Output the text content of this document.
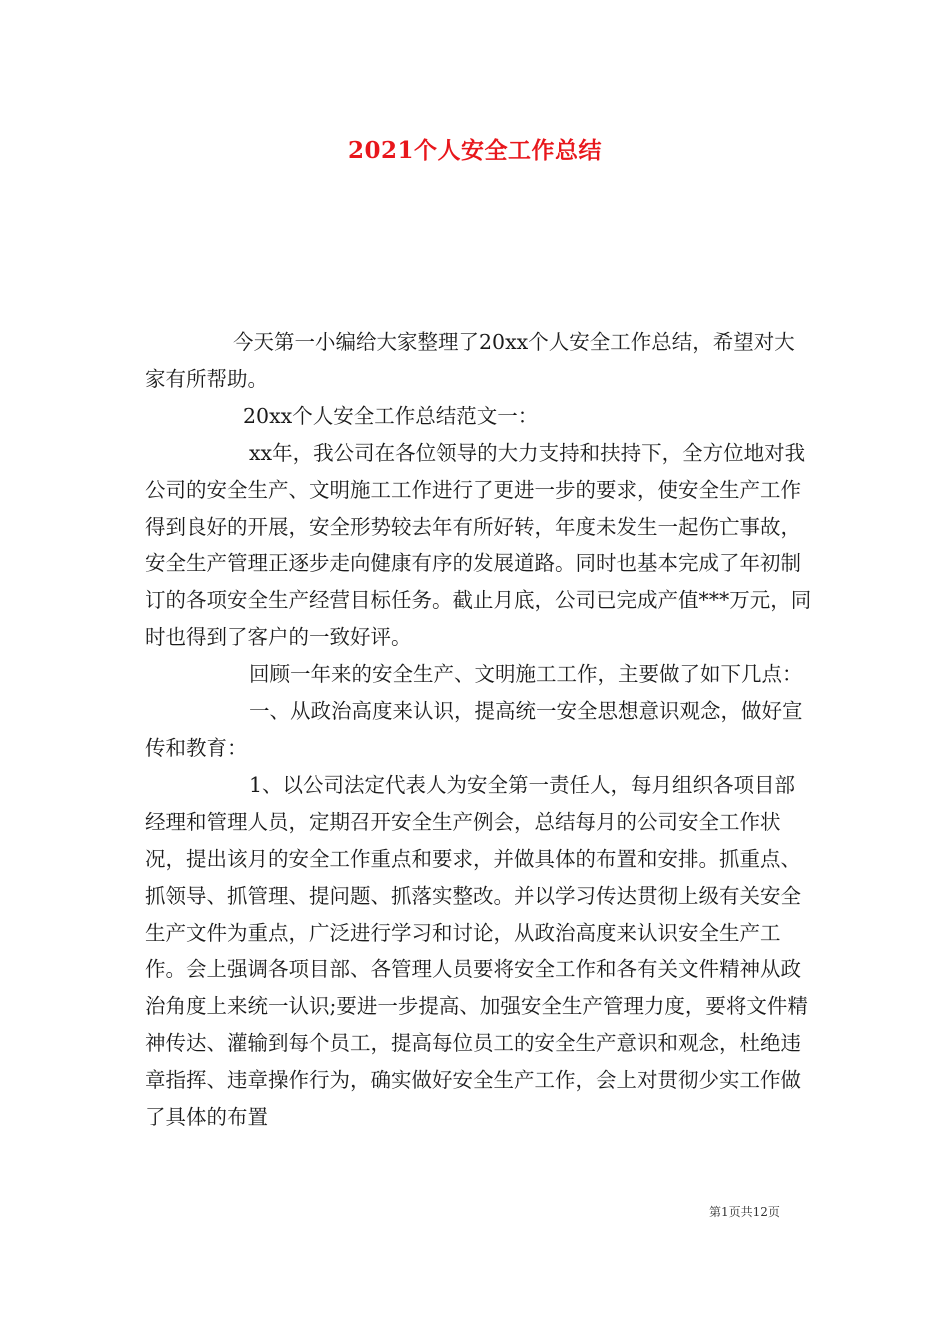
2021个人安全工作总结

今天第一小编给大家整理了20xx个人安全工作总结，希望对大家有所帮助。

20xx个人安全工作总结范文一：

xx年，我公司在各位领导的大力支持和扶持下，全方位地对我公司的安全生产、文明施工工作进行了更进一步的要求，使安全生产工作得到良好的开展，安全形势较去年有所好转，年度未发生一起伤亡事故，安全生产管理正逐步走向健康有序的发展道路。同时也基本完成了年初制订的各项安全生产经营目标任务。截止月底，公司已完成产值***万元，同时也得到了客户的一致好评。

回顾一年来的安全生产、文明施工工作，主要做了如下几点：

一、从政治高度来认识，提高统一安全思想意识观念，做好宣传和教育：

1、以公司法定代表人为安全第一责任人，每月组织各项目部经理和管理人员，定期召开安全生产例会，总结每月的公司安全工作状况，提出该月的安全工作重点和要求，并做具体的布置和安排。抓重点、抓领导、抓管理、提问题、抓落实整改。并以学习传达贯彻上级有关安全生产文件为重点，广泛进行学习和讨论，从政治高度来认识安全生产工作。会上强调各项目部、各管理人员要将安全工作和各有关文件精神从政治角度上来统一认识;要进一步提高、加强安全生产管理力度，要将文件精神传达、灌输到每个员工，提高每位员工的安全生产意识和观念，杜绝违章指挥、违章操作行为，确实做好安全生产工作，会上对贯彻少实工作做了具体的布置

第1页共12页
